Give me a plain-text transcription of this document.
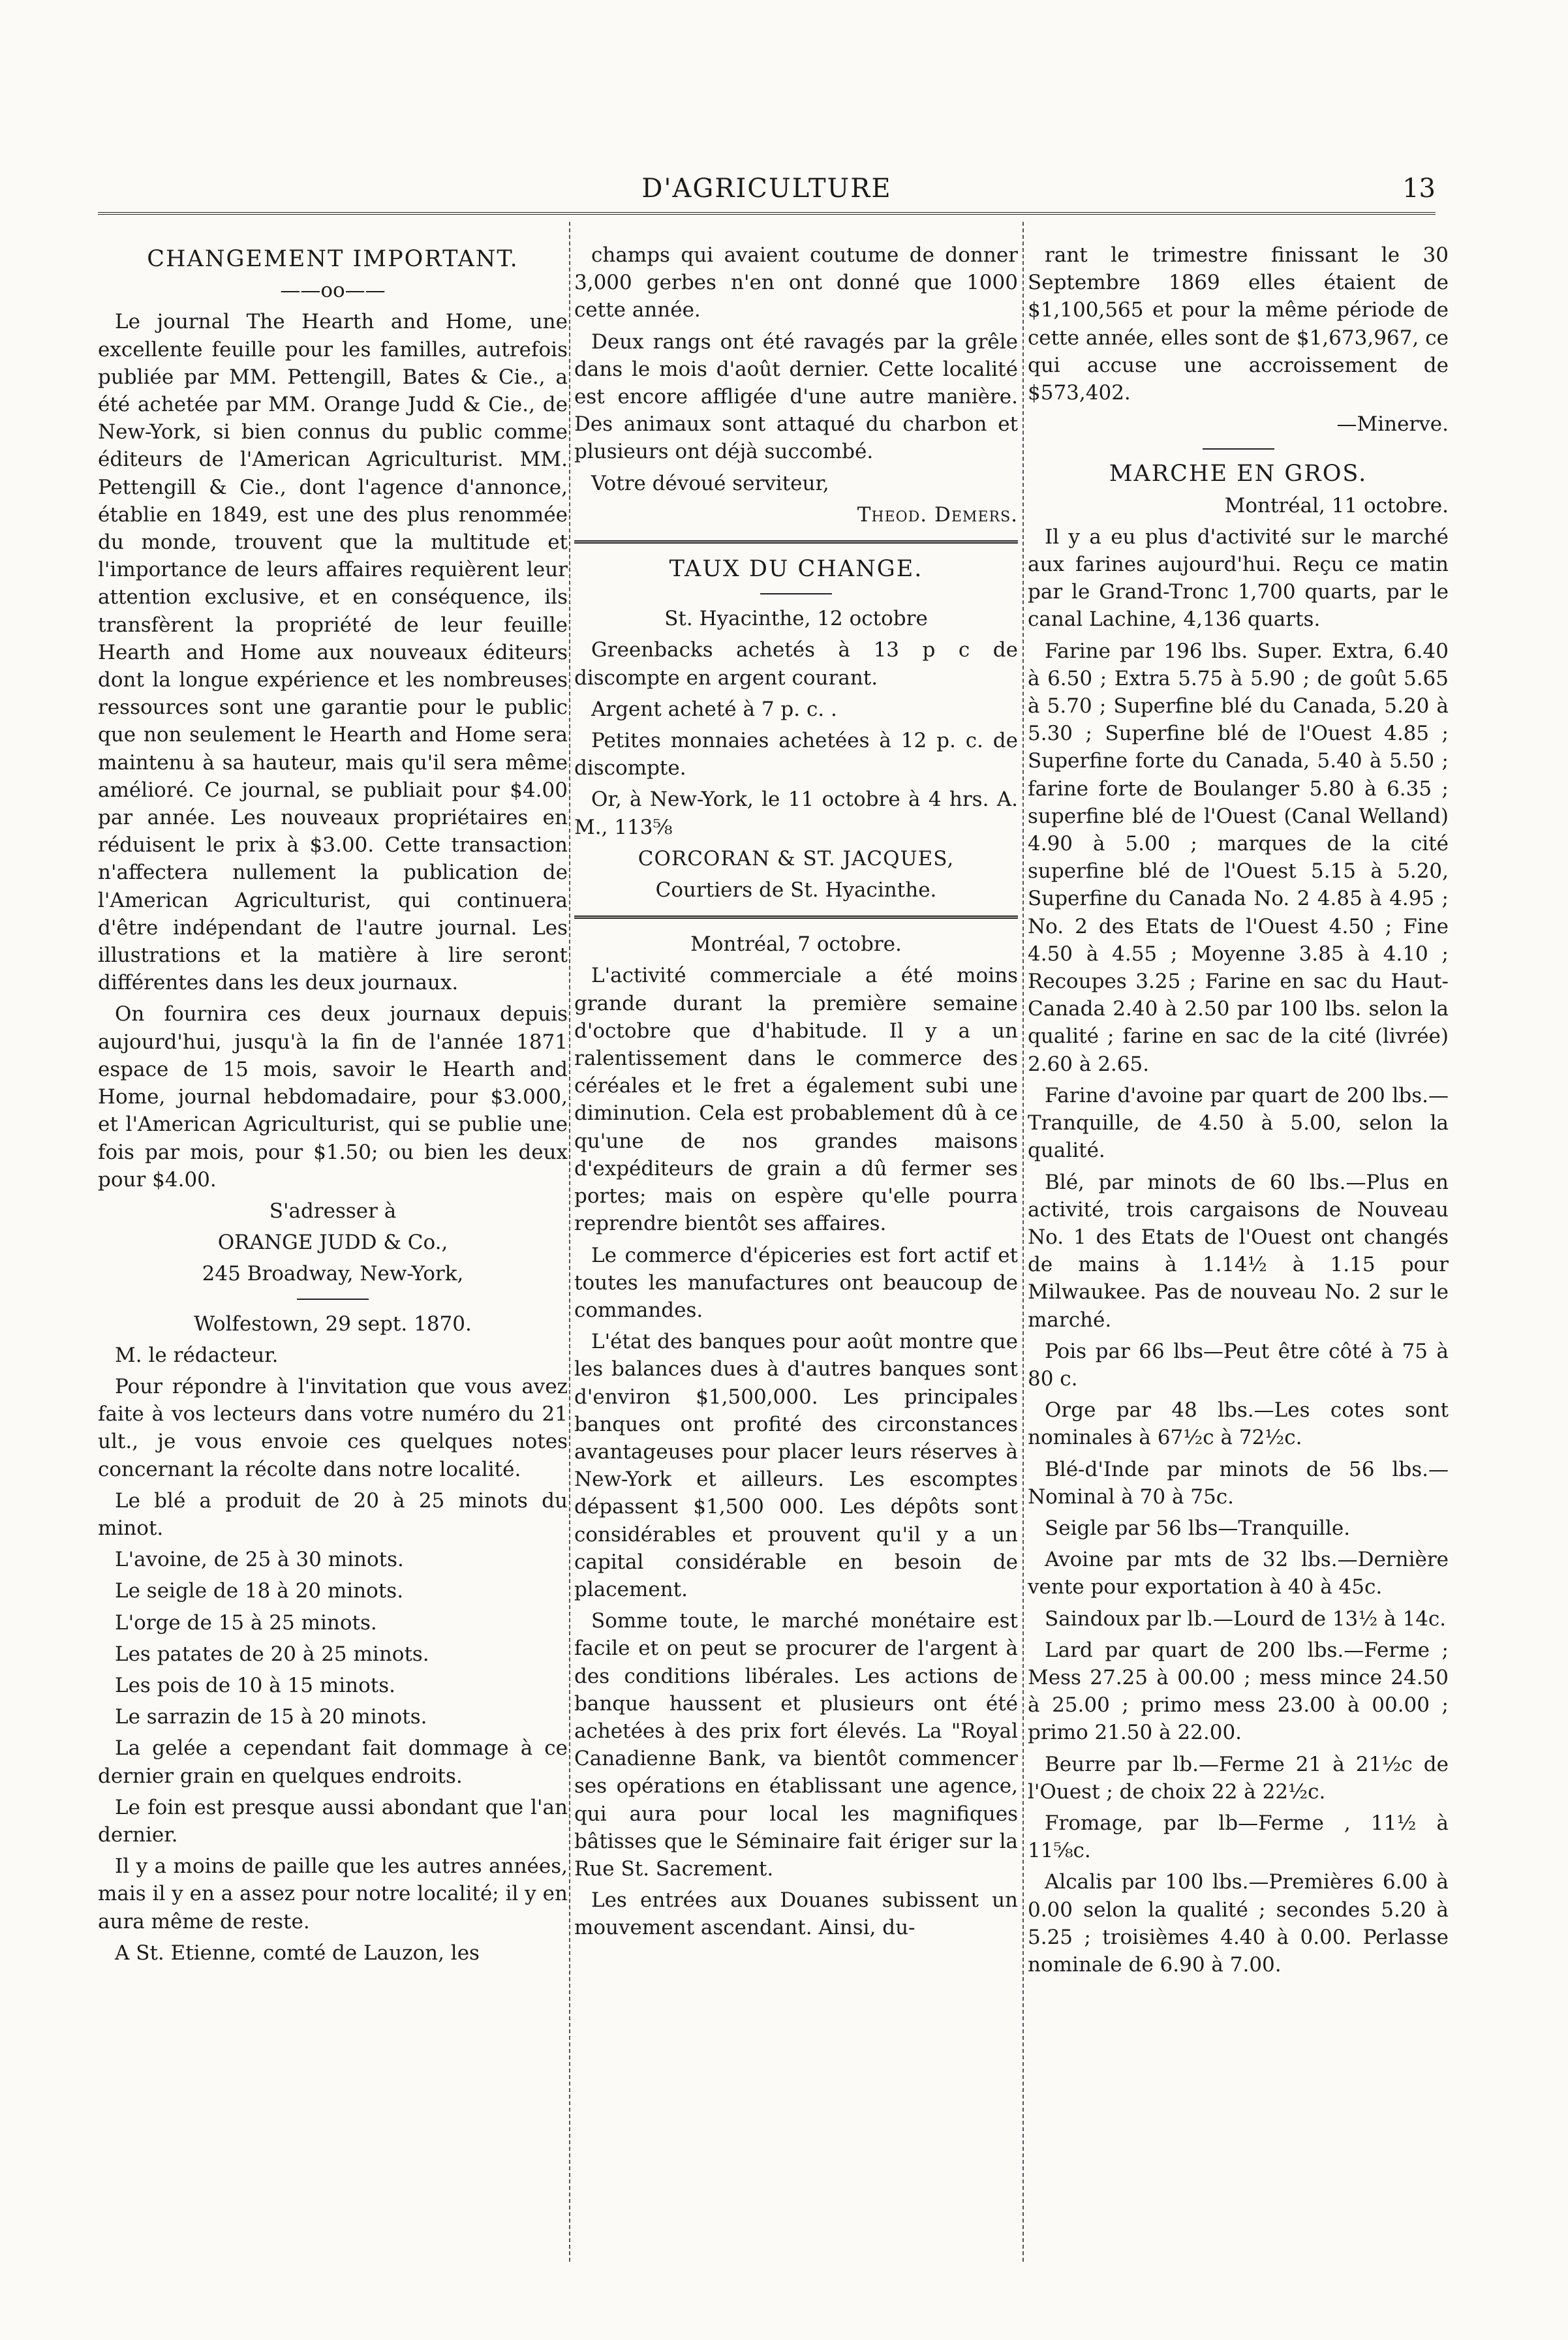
D'AGRICULTURE	13

CHANGEMENT IMPORTANT.

——oo——

Le journal The Hearth and Home, une excellente feuille pour les familles, autrefois publiée par MM. Pettengill, Bates & Cie., a été achetée par MM. Orange Judd & Cie., de New-York, si bien connus du public comme éditeurs de l'American Agriculturist. MM. Pettengill & Cie., dont l'agence d'annonce, établie en 1849, est une des plus renommée du monde, trouvent que la multitude et l'importance de leurs affaires requièrent leur attention exclusive, et en conséquence, ils transfèrent la propriété de leur feuille Hearth and Home aux nouveaux éditeurs dont la longue expérience et les nombreuses ressources sont une garantie pour le public que non seulement le Hearth and Home sera maintenu à sa hauteur, mais qu'il sera même amélioré. Ce journal, se publiait pour $4.00 par année. Les nouveaux propriétaires en réduisent le prix à $3.00. Cette transaction n'affectera nullement la publication de l'American Agriculturist, qui continuera d'être indépendant de l'autre journal. Les illustrations et la matière à lire seront différentes dans les deux journaux.

On fournira ces deux journaux depuis aujourd'hui, jusqu'à la fin de l'année 1871 espace de 15 mois, savoir le Hearth and Home, journal hebdomadaire, pour $3.000, et l'American Agriculturist, qui se publie une fois par mois, pour $1.50; ou bien les deux pour $4.00.

S'adresser à

ORANGE JUDD & Co.,

245 Broadway, New-York,

Wolfestown, 29 sept. 1870.

M. le rédacteur.

Pour répondre à l'invitation que vous avez faite à vos lecteurs dans votre numéro du 21 ult., je vous envoie ces quelques notes concernant la récolte dans notre localité.

Le blé a produit de 20 à 25 minots du minot.

L'avoine, de 25 à 30 minots.

Le seigle de 18 à 20 minots.

L'orge de 15 à 25 minots.

Les patates de 20 à 25 minots.

Les pois de 10 à 15 minots.

Le sarrazin de 15 à 20 minots.

La gelée a cependant fait dommage à ce dernier grain en quelques endroits.

Le foin est presque aussi abondant que l'an dernier.

Il y a moins de paille que les autres années, mais il y en a assez pour notre localité; il y en aura même de reste.

A St. Etienne, comté de Lauzon, les

champs qui avaient coutume de donner 3,000 gerbes n'en ont donné que 1000 cette année.

Deux rangs ont été ravagés par la grêle dans le mois d'août dernier. Cette localité est encore affligée d'une autre manière. Des animaux sont attaqué du charbon et plusieurs ont déjà succombé.

Votre dévoué serviteur,

Theod. Demers.

TAUX DU CHANGE.

St. Hyacinthe, 12 octobre

Greenbacks achetés à 13 p c de discompte en argent courant.

Argent acheté à 7 p. c. .

Petites monnaies achetées à 12 p. c. de discompte.

Or, à New-York, le 11 octobre à 4 hrs. A. M., 113⅝

CORCORAN & ST. JACQUES,

Courtiers de St. Hyacinthe.

Montréal, 7 octobre.

L'activité commerciale a été moins grande durant la première semaine d'octobre que d'habitude. Il y a un ralentissement dans le commerce des céréales et le fret a également subi une diminution. Cela est probablement dû à ce qu'une de nos grandes maisons d'expéditeurs de grain a dû fermer ses portes; mais on espère qu'elle pourra reprendre bientôt ses affaires.

Le commerce d'épiceries est fort actif et toutes les manufactures ont beaucoup de commandes.

L'état des banques pour août montre que les balances dues à d'autres banques sont d'environ $1,500,000. Les principales banques ont profité des circonstances avantageuses pour placer leurs réserves à New-York et ailleurs. Les escomptes dépassent $1,500 000. Les dépôts sont considérables et prouvent qu'il y a un capital considérable en besoin de placement.

Somme toute, le marché monétaire est facile et on peut se procurer de l'argent à des conditions libérales. Les actions de banque haussent et plusieurs ont été achetées à des prix fort élevés. La "Royal Canadienne Bank, va bientôt commencer ses opérations en établissant une agence, qui aura pour local les magnifiques bâtisses que le Séminaire fait ériger sur la Rue St. Sacrement.

Les entrées aux Douanes subissent un mouvement ascendant. Ainsi, du-

rant le trimestre finissant le 30 Septembre 1869 elles étaient de $1,100,565 et pour la même période de cette année, elles sont de $1,673,967, ce qui accuse une accroissement de $573,402.

—Minerve.

MARCHE EN GROS.

Montréal, 11 octobre.

Il y a eu plus d'activité sur le marché aux farines aujourd'hui. Reçu ce matin par le Grand-Tronc 1,700 quarts, par le canal Lachine, 4,136 quarts.

Farine par 196 lbs. Super. Extra, 6.40 à 6.50 ; Extra 5.75 à 5.90 ; de goût 5.65 à 5.70 ; Superfine blé du Canada, 5.20 à 5.30 ; Superfine blé de l'Ouest 4.85 ; Superfine forte du Canada, 5.40 à 5.50 ; farine forte de Boulanger 5.80 à 6.35 ; superfine blé de l'Ouest (Canal Welland) 4.90 à 5.00 ; marques de la cité superfine blé de l'Ouest 5.15 à 5.20, Superfine du Canada No. 2 4.85 à 4.95 ; No. 2 des Etats de l'Ouest 4.50 ; Fine 4.50 à 4.55 ; Moyenne 3.85 à 4.10 ; Recoupes 3.25 ; Farine en sac du Haut-Canada 2.40 à 2.50 par 100 lbs. selon la qualité ; farine en sac de la cité (livrée) 2.60 à 2.65.

Farine d'avoine par quart de 200 lbs.—Tranquille, de 4.50 à 5.00, selon la qualité.

Blé, par minots de 60 lbs.—Plus en activité, trois cargaisons de Nouveau No. 1 des Etats de l'Ouest ont changés de mains à 1.14½ à 1.15 pour Milwaukee. Pas de nouveau No. 2 sur le marché.

Pois par 66 lbs—Peut être côté à 75 à 80 c.

Orge par 48 lbs.—Les cotes sont nominales à 67½c à 72½c.

Blé-d'Inde par minots de 56 lbs.—Nominal à 70 à 75c.

Seigle par 56 lbs—Tranquille.

Avoine par mts de 32 lbs.—Dernière vente pour exportation à 40 à 45c.

Saindoux par lb.—Lourd de 13½ à 14c.

Lard par quart de 200 lbs.—Ferme ; Mess 27.25 à 00.00 ; mess mince 24.50 à 25.00 ; primo mess 23.00 à 00.00 ; primo 21.50 à 22.00.

Beurre par lb.—Ferme 21 à 21½c de l'Ouest ; de choix 22 à 22½c.

Fromage, par lb—Ferme , 11½ à 11⅝c.

Alcalis par 100 lbs.—Premières 6.00 à 0.00 selon la qualité ; secondes 5.20 à 5.25 ; troisièmes 4.40 à 0.00. Perlasse nominale de 6.90 à 7.00.
